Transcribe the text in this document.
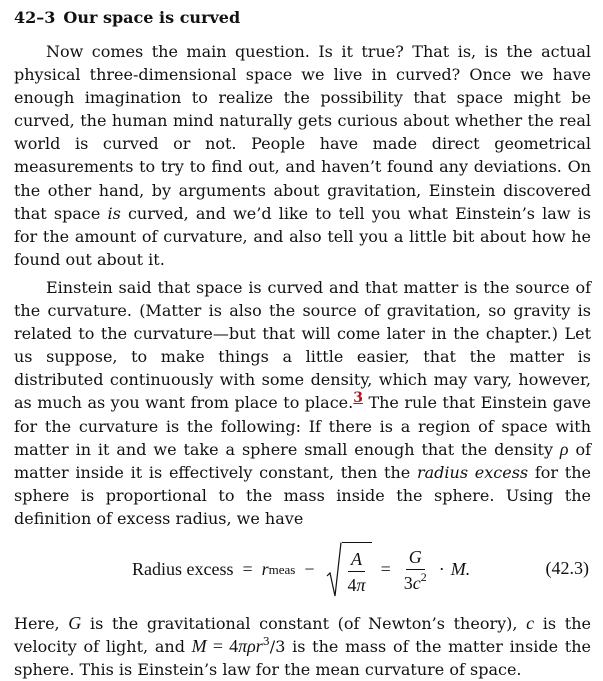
42–3 Our space is curved

Now comes the main question. Is it true? That is, is the actual physical three-dimensional space we live in curved? Once we have enough imagination to realize the possibility that space might be curved, the human mind naturally gets curious about whether the real world is curved or not. People have made direct geometrical measurements to try to find out, and haven’t found any deviations. On the other hand, by arguments about gravitation, Einstein discovered that space is curved, and we’d like to tell you what Einstein’s law is for the amount of curvature, and also tell you a little bit about how he found out about it.

Einstein said that space is curved and that matter is the source of the curvature. (Matter is also the source of gravitation, so gravity is related to the curvature—but that will come later in the chapter.) Let us suppose, to make things a little easier, that the matter is distributed continuously with some density, which may vary, however, as much as you want from place to place.3 The rule that Einstein gave for the curvature is the following: If there is a region of space with matter in it and we take a sphere small enough that the density ρ of matter inside it is effectively constant, then the radius excess for the sphere is proportional to the mass inside the sphere. Using the definition of excess radius, we have

Radius excess = r meas − $\frac{A}{4\pi} = \frac{G}{3c^2} \cdot M$.	(42.3)

Here, G is the gravitational constant (of Newton’s theory), c is the velocity of light, and M = 4πρr$^3$/3 is the mass of the matter inside the sphere. This is Einstein’s law for the mean curvature of space.
